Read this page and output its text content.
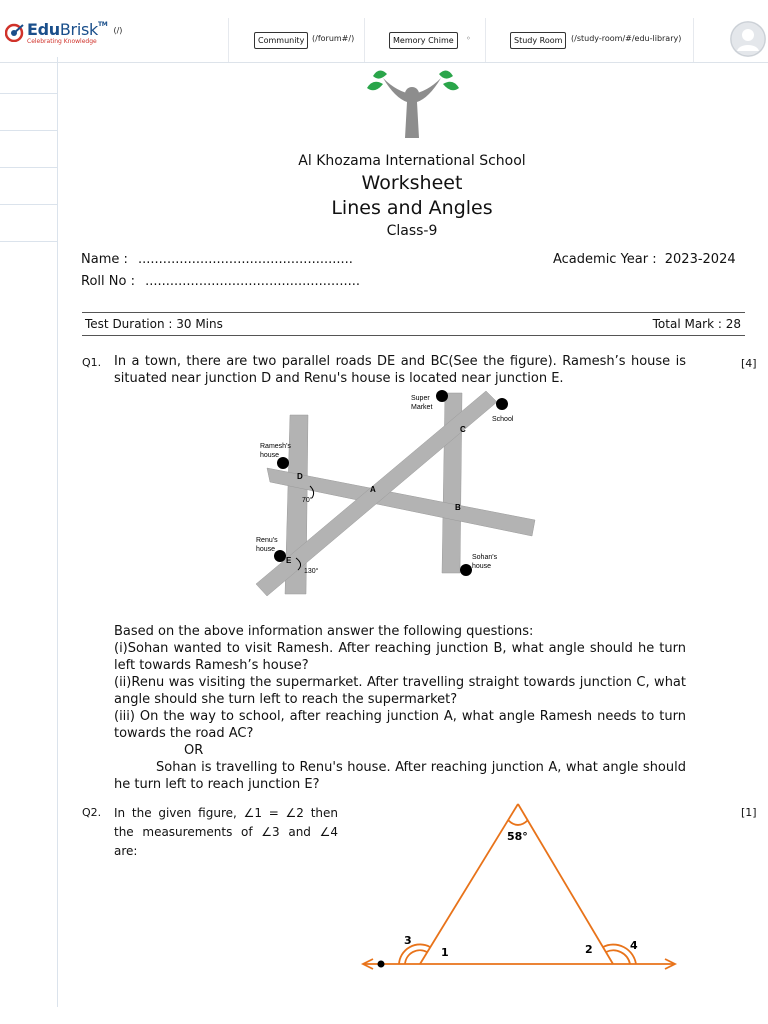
EduBrisk™
Celebrating Knowledge
(/)
Community (/forum#/)	Memory Chime	◦	Study Room	(/study-room/#/edu-library)
Al Khozama International School
Worksheet
Lines and Angles
Class-9
Name : ....................................................	Academic Year : 2023-2024
Roll No : ....................................................
Test Duration : 30 Mins	Total Mark : 28
Q1.	[4]

In a town, there are two parallel roads DE and BC(See the figure). Ramesh’s house is situated near junction D and Renu's house is located near junction E.

Super
Market
School
C
Ramesh's
house
D
A
B
70°
Renu's
house
E
130°
Sohan's
house

Based on the above information answer the following questions:

(i)Sohan wanted to visit Ramesh. After reaching junction B, what angle should he turn left towards Ramesh’s house?

(ii)Renu was visiting the supermarket. After travelling straight towards junction C, what angle should she turn left to reach the supermarket?

(iii) On the way to school, after reaching junction A, what angle Ramesh needs to turn towards the road AC?

OR

Sohan is travelling to Renu's house. After reaching junction A, what angle should he turn left to reach junction E?

Q2.	[1]

In the given figure, ∠1 = ∠2 then the measurements of ∠3 and ∠4 are:

58°
1	2
3	4
